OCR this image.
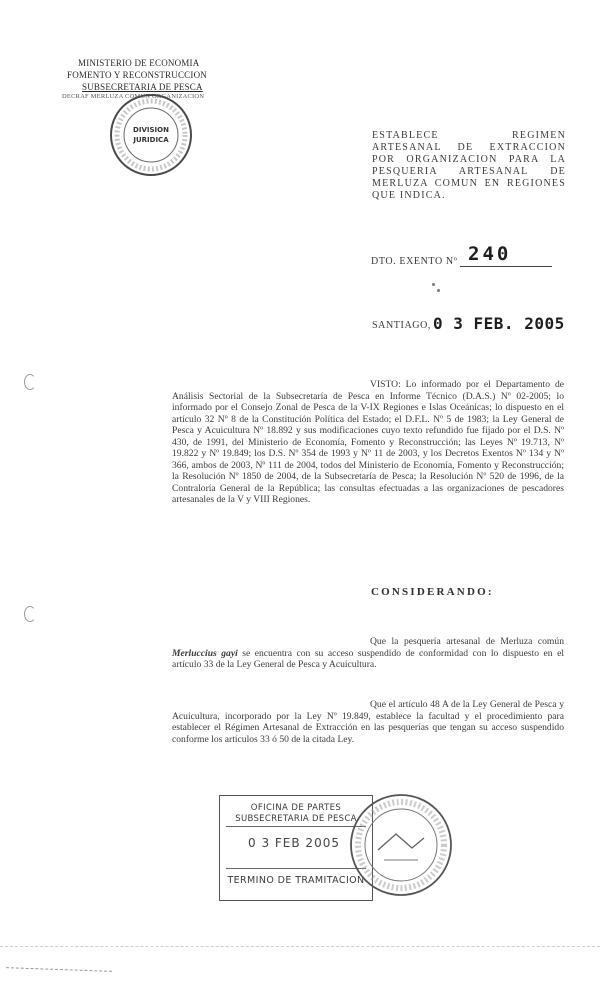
MINISTERIO DE ECONOMIA
FOMENTO Y RECONSTRUCCION
SUBSECRETARIA DE PESCA
DECRAF MERLUZA COMUN ORGANIZACION
DIVISION
JURIDICA	ESTABLECE REGIMEN ARTESANAL DE EXTRACCION POR ORGANIZACION PARA LA PESQUERIA ARTESANAL DE MERLUZA COMUN EN REGIONES QUE INDICA.
DTO. EXENTO Nº 240
SANTIAGO, 0 3 FEB. 2005
VISTO: Lo informado por el Departamento de Análisis Sectorial de la Subsecretaría de Pesca en Informe Técnico (D.A.S.) Nº 02-2005; lo informado por el Consejo Zonal de Pesca de la V-IX Regiones e Islas Oceánicas; lo dispuesto en el artículo 32 Nº 8 de la Constitución Política del Estado; el D.F.L. Nº 5 de 1983; la Ley General de Pesca y Acuicultura Nº 18.892 y sus modificaciones cuyo texto refundido fue fijado por el D.S. Nº 430, de 1991, del Ministerio de Economía, Fomento y Reconstrucción; las Leyes Nº 19.713, Nº 19.822 y Nº 19.849; los D.S. Nº 354 de 1993 y Nº 11 de 2003, y los Decretos Exentos Nº 134 y Nº 366, ambos de 2003, Nº 111 de 2004, todos del Ministerio de Economía, Fomento y Reconstrucción; la Resolución Nº 1850 de 2004, de la Subsecretaría de Pesca; la Resolución Nº 520 de 1996, de la Contraloría General de la República; las consultas efectuadas a las organizaciones de pescadores artesanales de la V y VIII Regiones.
CONSIDERANDO:
Que la pesquería artesanal de Merluza común Merluccius gayi se encuentra con su acceso suspendido de conformidad con lo dispuesto en el artículo 33 de la Ley General de Pesca y Acuicultura.
Que el artículo 48 A de la Ley General de Pesca y Acuicultura, incorporado por la Ley Nº 19.849, establece la facultad y el procedimiento para establecer el Régimen Artesanal de Extracción en las pesquerías que tengan su acceso suspendido conforme los artículos 33 ó 50 de la citada Ley.
OFICINA DE PARTES
SUBSECRETARIA DE PESCA
0 3 FEB 2005
TERMINO DE TRAMITACION
